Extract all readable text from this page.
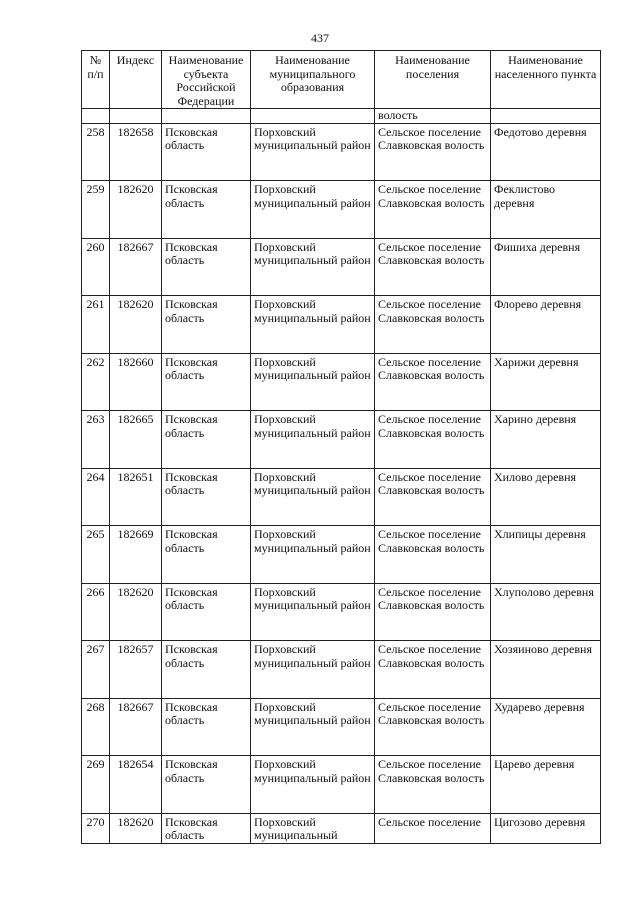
437
№ п/п	Индекс	Наименование субъекта Российской Федерации	Наименование муниципального образования	Наименование поселения	Наименование населенного пункта
				волость	
258	182658	Псковская область	Порховский муниципальный район	Сельское поселение Славковская волость	Федотово деревня
259	182620	Псковская область	Порховский муниципальный район	Сельское поселение Славковская волость	Феклистово деревня
260	182667	Псковская область	Порховский муниципальный район	Сельское поселение Славковская волость	Фишиха деревня
261	182620	Псковская область	Порховский муниципальный район	Сельское поселение Славковская волость	Флорево деревня
262	182660	Псковская область	Порховский муниципальный район	Сельское поселение Славковская волость	Харижи деревня
263	182665	Псковская область	Порховский муниципальный район	Сельское поселение Славковская волость	Харино деревня
264	182651	Псковская область	Порховский муниципальный район	Сельское поселение Славковская волость	Хилово деревня
265	182669	Псковская область	Порховский муниципальный район	Сельское поселение Славковская волость	Хлипицы деревня
266	182620	Псковская область	Порховский муниципальный район	Сельское поселение Славковская волость	Хлуполово деревня
267	182657	Псковская область	Порховский муниципальный район	Сельское поселение Славковская волость	Хозяиново деревня
268	182667	Псковская область	Порховский муниципальный район	Сельское поселение Славковская волость	Хударево деревня
269	182654	Псковская область	Порховский муниципальный район	Сельское поселение Славковская волость	Царево деревня
270	182620	Псковская область	Порховский муниципальный	Сельское поселение	Цигозово деревня
